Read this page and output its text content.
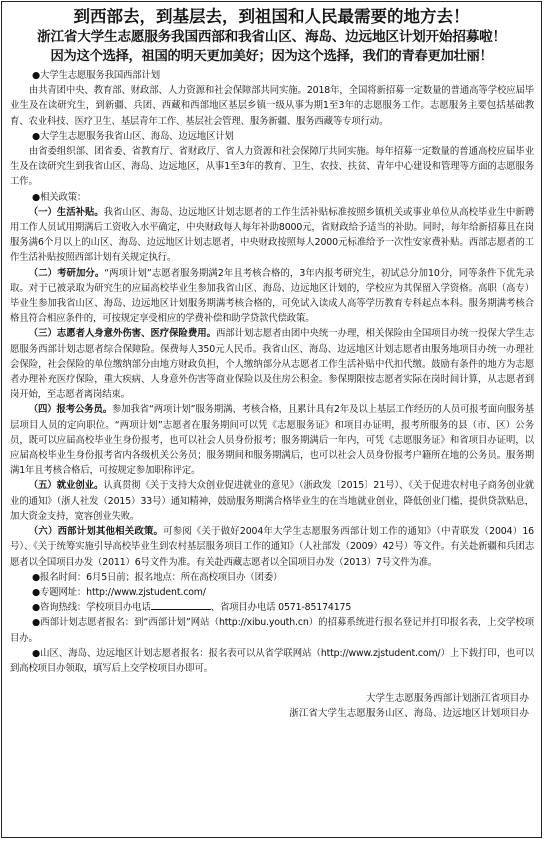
到西部去，到基层去，到祖国和人民最需要的地方去！

浙江省大学生志愿服务我国西部和我省山区、海岛、边远地区计划开始招募啦！

因为这个选择，祖国的明天更加美好；因为这个选择，我们的青春更加壮丽！

●大学生志愿服务我国西部计划

由共青团中央、教育部、财政部、人力资源和社会保障部共同实施。2018年，全国将新招募一定数量的普通高等学校应届毕业生及在读研究生，到新疆、兵团、西藏和西部地区基层乡镇一级从事为期1至3年的志愿服务工作。志愿服务主要包括基础教育、农业科技、医疗卫生、基层青年工作、基层社会管理、服务新疆、服务西藏等专项行动。

●大学生志愿服务我省山区、海岛、边远地区计划

由省委组织部、团省委、省教育厅、省财政厅、省人力资源和社会保障厅共同实施。每年招募一定数量的普通高校应届毕业生及在读研究生到我省山区、海岛、边远地区，从事1至3年的教育、卫生、农技、扶贫、青年中心建设和管理等方面的志愿服务工作。

●相关政策：

（一）生活补贴。我省山区、海岛、边远地区计划志愿者的工作生活补贴标准按照乡镇机关或事业单位从高校毕业生中新聘用工作人员试用期满后工资收入水平确定，中央财政每人每年补助8000元，省财政给予适当的补助。同时，每年给新招募且在岗服务满6个月以上的山区、海岛、边远地区计划志愿者，中央财政按照每人2000元标准给予一次性安家费补贴。西部志愿者的工作生活补贴按照西部计划有关规定执行。

（二）考研加分。“两项计划”志愿者服务期满2年且考核合格的，3年内报考研究生，初试总分加10分，同等条件下优先录取。对于已被录取为研究生的应届高校毕业生参加我省山区、海岛、边远地区计划的，学校应为其保留入学资格。高职（高专）毕业生参加我省山区、海岛、边远地区计划服务期满考核合格的，可免试入读成人高等学历教育专科起点本科。服务期满考核合格且符合相应条件的，可按规定享受相应的学费补偿和助学贷款代偿政策。

（三）志愿者人身意外伤害、医疗保险费用。西部计划志愿者由团中央统一办理，相关保险由全国项目办统一投保大学生志愿服务西部计划志愿者综合保障险。保费每人350元人民币。我省山区、海岛、边远地区计划志愿者由服务地项目办统一办理社会保险，社会保险的单位缴纳部分由地方财政负担，个人缴纳部分从志愿者工作生活补贴中代扣代缴。鼓励有条件的地方为志愿者办理补充医疗保险，重大疾病、人身意外伤害等商业保险以及住房公积金。参保期限按志愿者实际在岗时间计算，从志愿者到岗开始，至志愿者离岗结束。

（四）报考公务员。参加我省“两项计划”服务期满、考核合格，且累计具有2年及以上基层工作经历的人员可报考面向服务基层项目人员的定向职位。“两项计划”志愿者在服务期间可以凭《志愿服务证》和项目办证明，报考所服务的县（市、区）公务员，既可以应届高校毕业生身份报考，也可以社会人员身份报考；服务期满后一年内，可凭《志愿服务证》和省项目办证明，以应届高校毕业生身份报考省内各级机关公务员；服务期间和服务期满后，也可以社会人员身份报考户籍所在地的公务员。服务期满1年且考核合格后，可按规定参加职称评定。

（五）就业创业。认真贯彻《关于支持大众创业促进就业的意见》（浙政发〔2015〕21号）、《关于促进农村电子商务创业就业的通知》（浙人社发（2015）33号）通知精神，鼓励服务期满合格毕业生的在当地就业创业，降低创业门槛，提供贷款贴息，加大资金支持，宽容创业失败。

（六）西部计划其他相关政策。可参阅《关于做好2004年大学生志愿服务西部计划工作的通知》（中青联发（2004）16号）、《关于统筹实施引导高校毕业生到农村基层服务项目工作的通知》（人社部发（2009）42号）等文件。有关赴新疆和兵团志愿者以全国项目办发（2011）6号文件为准。有关赴西藏志愿者以全国项目办发（2013）7号文件为准。

●报名时间：6月5日前；报名地点：所在高校项目办（团委）

●专题网址：http://www.zjstudent.com/

●咨询热线：学校项目办电话	、省项目办电话 0571-85174175

●西部计划志愿者报名：到“西部计划”网站（http://xibu.youth.cn）的招募系统进行报名登记并打印报名表，上交学校项目办。

●山区、海岛、边远地区计划志愿者报名：报名表可以从省学联网站（http://www.zjstudent.com/）上下载打印，也可以到高校项目办领取，填写后上交学校项目办即可。

大学生志愿服务西部计划浙江省项目办

浙江省大学生志愿服务山区、海岛、边远地区计划项目办
